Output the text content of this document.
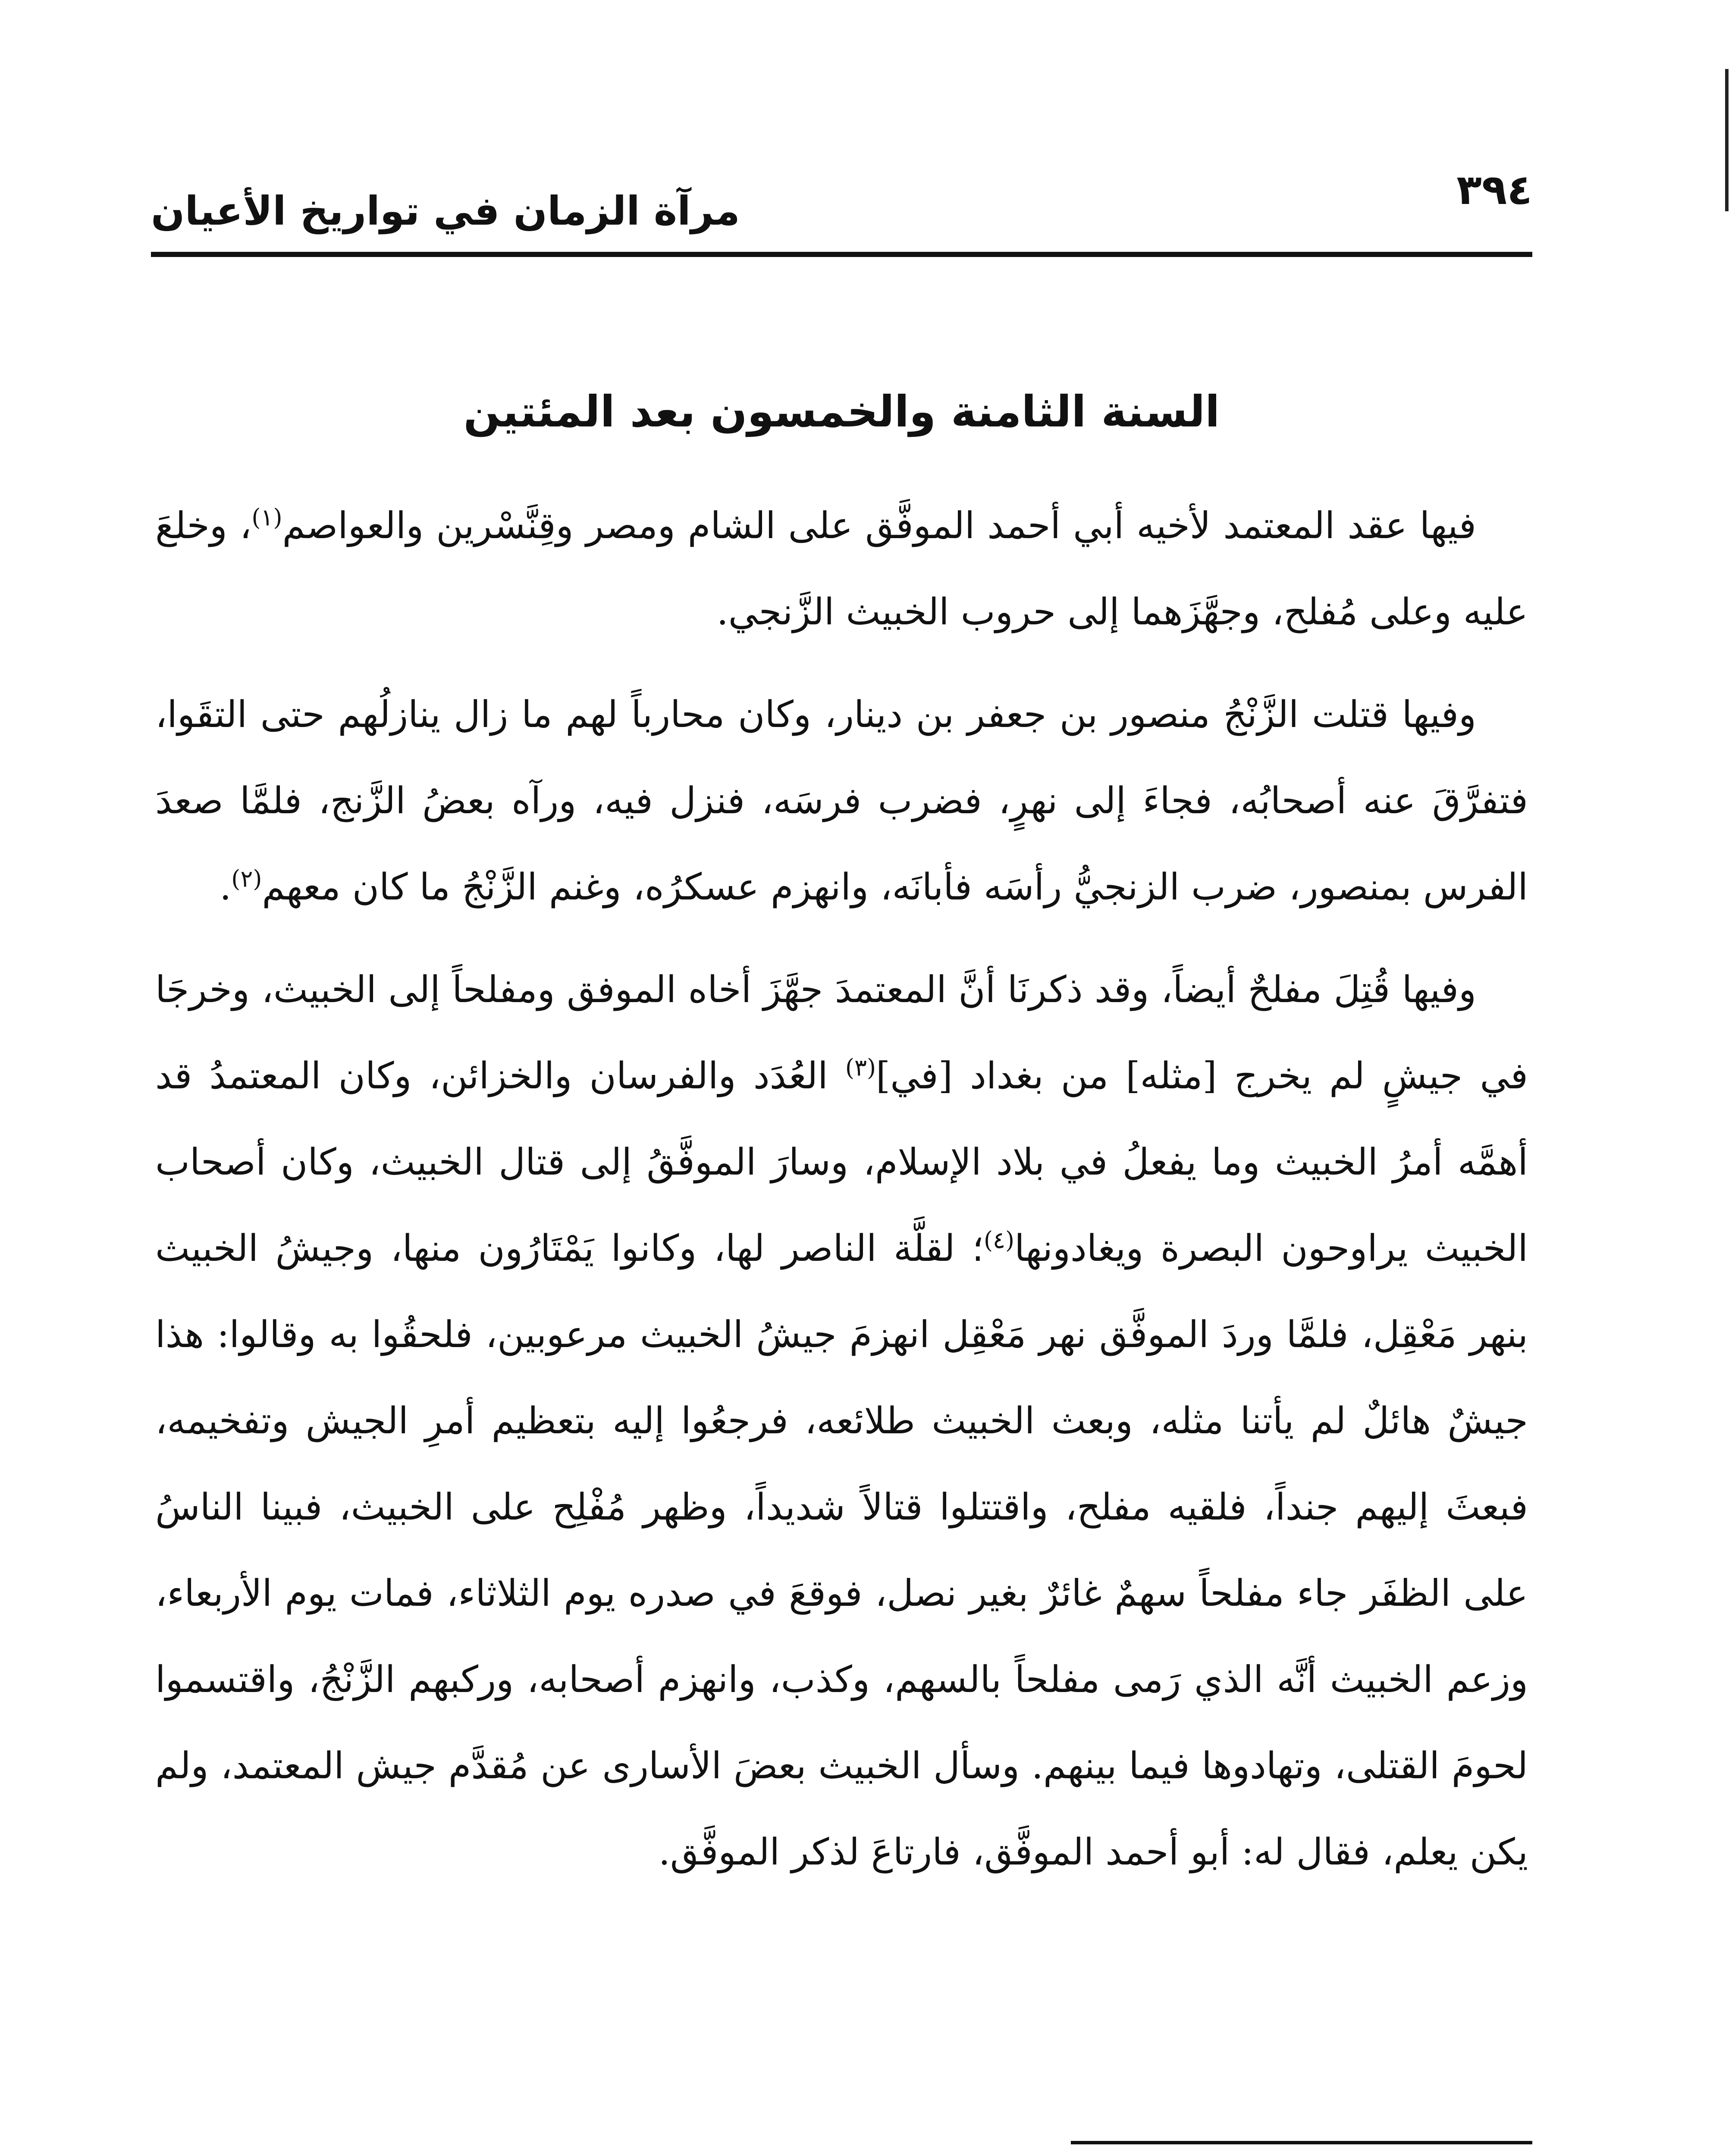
٣٩٤
مرآة الزمان في تواريخ الأعيان
السنة الثامنة والخمسون بعد المئتين

فيها عقد المعتمد لأخيه أبي أحمد الموفَّق على الشام ومصر وقِنَّسْرين والعواصم$^{(١)}$، وخلعَ عليه وعلى مُفلح، وجهَّزَهما إلى حروب الخبيث الزَّنجي.

وفيها قتلت الزَّنْجُ منصور بن جعفر بن دينار، وكان محارباً لهم ما زال ينازلُهم حتى التقَوا، فتفرَّقَ عنه أصحابُه، فجاءَ إلى نهرٍ، فضرب فرسَه، فنزل فيه، ورآه بعضُ الزَّنج، فلمَّا صعدَ الفرس بمنصور، ضرب الزنجيُّ رأسَه فأبانَه، وانهزم عسكرُه، وغنم الزَّنْجُ ما كان معهم$^{(٢)}$.

وفيها قُتِلَ مفلحٌ أيضاً، وقد ذكرنَا أنَّ المعتمدَ جهَّزَ أخاه الموفق ومفلحاً إلى الخبيث، وخرجَا في جيشٍ لم يخرج [مثله] من بغداد [في]$^{(٣)}$ العُدَد والفرسان والخزائن، وكان المعتمدُ قد أهمَّه أمرُ الخبيث وما يفعلُ في بلاد الإسلام، وسارَ الموفَّقُ إلى قتال الخبيث، وكان أصحاب الخبيث يراوحون البصرة ويغادونها$^{(٤)}$؛ لقلَّة الناصر لها، وكانوا يَمْتَارُون منها، وجيشُ الخبيث بنهر مَعْقِل، فلمَّا وردَ الموفَّق نهر مَعْقِل انهزمَ جيشُ الخبيث مرعوبين، فلحقُوا به وقالوا: هذا جيشٌ هائلٌ لم يأتنا مثله، وبعث الخبيث طلائعه، فرجعُوا إليه بتعظيم أمرِ الجيش وتفخيمه، فبعثَ إليهم جنداً، فلقيه مفلح، واقتتلوا قتالاً شديداً، وظهر مُفْلِح على الخبيث، فبينا الناسُ على الظفَر جاء مفلحاً سهمٌ غائرٌ بغير نصل، فوقعَ في صدره يوم الثلاثاء، فمات يوم الأربعاء، وزعم الخبيث أنَّه الذي رَمى مفلحاً بالسهم، وكذب، وانهزم أصحابه، وركبهم الزَّنْجُ، واقتسموا لحومَ القتلى، وتهادوها فيما بينهم. وسأل الخبيث بعضَ الأسارى عن مُقدَّم جيش المعتمد، ولم يكن يعلم، فقال له: أبو أحمد الموفَّق، فارتاعَ لذكر الموفَّق.
